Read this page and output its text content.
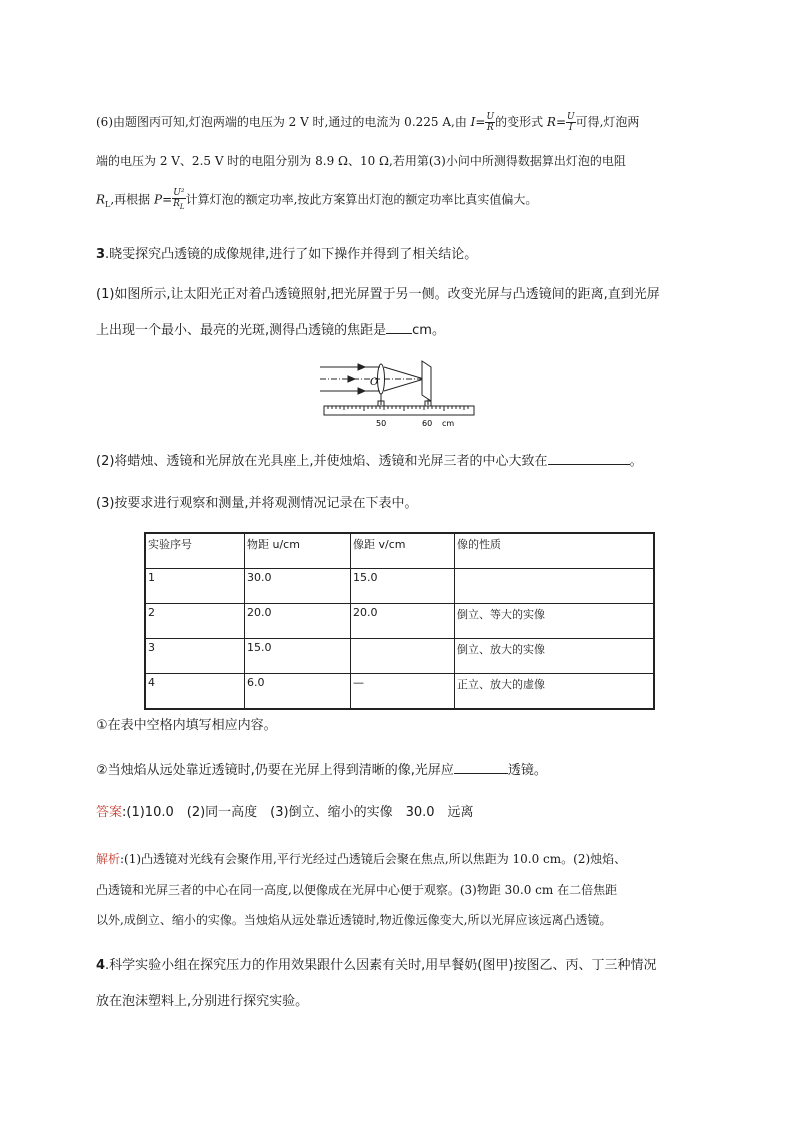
(6)由题图丙可知,灯泡两端的电压为 2 V 时,通过的电流为 0.225 A,由 $I= \frac{U}{R}$ 的变形式 $R= \frac{U}{I}$ 可得,灯泡两
端的电压为 2 V、2.5 V 时的电阻分别为 8.9 Ω、10 Ω,若用第(3)小问中所测得数据算出灯泡的电阻
$R_L$,再根据 $P= \frac{\text{U²}}{R_L}$ 计算灯泡的额定功率,按此方案算出灯泡的额定功率比真实值偏大。
3.晓雯探究凸透镜的成像规律,进行了如下操作并得到了相关结论。
(1)如图所示,让太阳光正对着凸透镜照射,把光屏置于另一侧。改变光屏与凸透镜间的距离,直到光屏
上出现一个最小、最亮的光斑,测得凸透镜的焦距是 cm。
O
50	60 cm
(2)将蜡烛、透镜和光屏放在光具座上,并使烛焰、透镜和光屏三者的中心大致在	。
(3)按要求进行观察和测量,并将观测情况记录在下表中。
实验序号	物距 u/cm	像距 v/cm	像的性质
1	30.0	15.0	
2	20.0	20.0	倒立、等大的实像
3	15.0		倒立、放大的实像
4	6.0	—	正立、放大的虚像
①在表中空格内填写相应内容。
②当烛焰从远处靠近透镜时,仍要在光屏上得到清晰的像,光屏应	透镜。
答案:(1)10.0　(2)同一高度　(3)倒立、缩小的实像　30.0　远离
解析:(1)凸透镜对光线有会聚作用,平行光经过凸透镜后会聚在焦点,所以焦距为 10.0 cm。(2)烛焰、
凸透镜和光屏三者的中心在同一高度,以便像成在光屏中心便于观察。(3)物距 30.0 cm 在二倍焦距
以外,成倒立、缩小的实像。当烛焰从远处靠近透镜时,物近像远像变大,所以光屏应该远离凸透镜。
4.科学实验小组在探究压力的作用效果跟什么因素有关时,用早餐奶(图甲)按图乙、丙、丁三种情况
放在泡沫塑料上,分别进行探究实验。
